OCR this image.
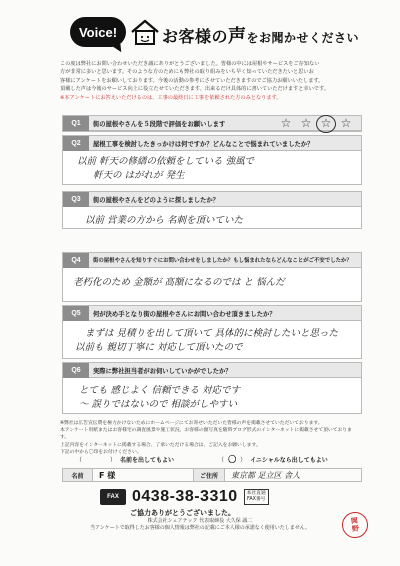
Voice!	お客様の声をお聞かせください
この度は弊社にお問い合わせいただき誠にありがとうございました。皆様の中には屋根やサービスをご存知ない
方が非常に多いと思います。そのような方のためにも弊社の取り組みをいち早く知っていただきたいと思いお
客様にアンケートをお願いしております。今後の活動の参考にさせていただきますのでご協力お願いいたします。
頂戴した声は今後のサービス向上に役立たせていただきます。出来るだけ具体的に書いていただけますと幸いです。
※本アンケートにお答えいただけるのは、工事の最終日に工事を依頼された方のみとなります。
Q1	街の屋根やさんを５段階で評価をお願いします	☆ ☆ ☆ ☆
Q2	屋根工事を検討したきっかけは何ですか？どんなことで悩まれていましたか？
以前 軒天の修繕の依頼をしている 強風で
軒天の はがれが 発生
Q3	街の屋根やさんをどのように探しましたか？
以前 営業の方から 名刺を頂いていた
Q4	街の屋根やさんを知りすぐにお問い合わせをしましたか？もし悩まれたならどんなことがご不安でしたか？
老朽化のため 金額が 高額になるのでは と 悩んだ
Q5	何が決め手となり街の屋根やさんにお問い合わせ頂きましたか？
まずは 見積りを出して頂いて 具体的に検討したいと思った
以前も 親切丁寧に 対応して頂いたので
Q6	実際に弊社担当者がお伺いしていかがでしたか？
とても 感じよく 信頼できる 対応です
～ 誤りではないので 相談がしやすい
※弊社は広告宣伝費を極力かけないためにホームページにてお寄せいただいた皆様の声を掲載させていただいております。
本アンケート用紙またはお客様宅の調査風景や施工状況、お客様の顔写真を随時ブログ形式のインターネットに掲載させて頂いております。
上記内容をインターネットに掲載する場合、了承いただける場合は、ご記入をお願いします。
下記の中から〇印をお付けください。
（	） 名前を出してもよい	（ 〇 ） イニシャルなら出してもよい
名前	F 様	ご住所	東京都 足立区 舎人
FAX 0438-38-3310 本社直通
FAX番号
ご協力ありがとうございました。
株式会社シェアテック 代表取締役 大久保 誠二
当アンケートで取得したお客様の個人情報は弊社の記載にご本人様の承諾なく使用いたしません。
岡
野
